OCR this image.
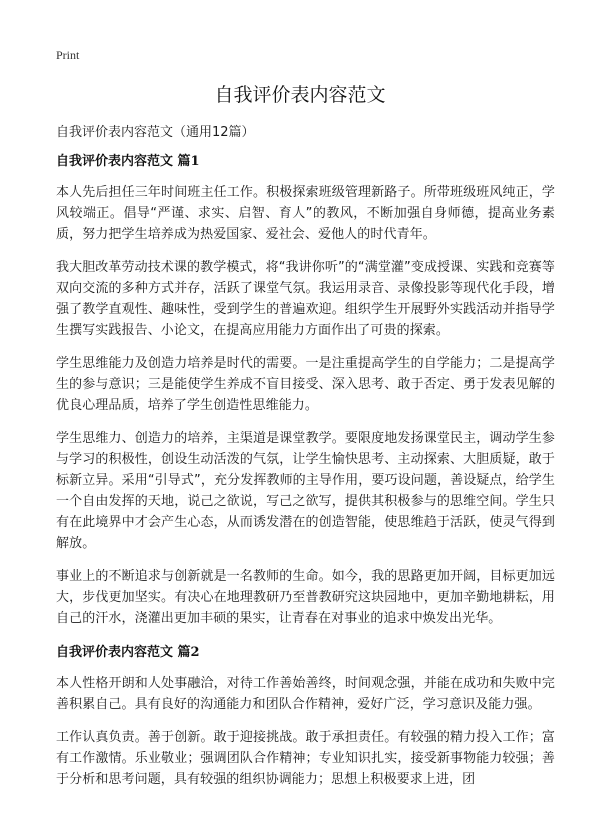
Print
自我评价表内容范文

自我评价表内容范文（通用12篇）

自我评价表内容范文 篇1

本人先后担任三年时间班主任工作。积极探索班级管理新路子。所带班级班风纯正，学风较端正。倡导“严谨、求实、启智、育人”的教风，不断加强自身师德，提高业务素质，努力把学生培养成为热爱国家、爱社会、爱他人的时代青年。

我大胆改革劳动技术课的教学模式，将“我讲你听”的“满堂灌”变成授课、实践和竞赛等双向交流的多种方式并存，活跃了课堂气氛。我运用录音、录像投影等现代化手段，增强了教学直观性、趣味性，受到学生的普遍欢迎。组织学生开展野外实践活动并指导学生撰写实践报告、小论文，在提高应用能力方面作出了可贵的探索。

学生思维能力及创造力培养是时代的需要。一是注重提高学生的自学能力；二是提高学生的参与意识；三是能使学生养成不盲目接受、深入思考、敢于否定、勇于发表见解的优良心理品质，培养了学生创造性思维能力。

学生思维力、创造力的培养，主渠道是课堂教学。要限度地发扬课堂民主，调动学生参与学习的积极性，创设生动活泼的气氛，让学生愉快思考、主动探索、大胆质疑，敢于标新立异。采用“引导式”，充分发挥教师的主导作用，要巧设问题，善设疑点，给学生一个自由发挥的天地，说己之欲说，写己之欲写，提供其积极参与的思维空间。学生只有在此境界中才会产生心态，从而诱发潜在的创造智能，使思维趋于活跃，使灵气得到解放。

事业上的不断追求与创新就是一名教师的生命。如今，我的思路更加开阔，目标更加远大，步伐更加坚实。有决心在地理教研乃至普教研究这块园地中，更加辛勤地耕耘，用自己的汗水，浇灌出更加丰硕的果实，让青春在对事业的追求中焕发出光华。

自我评价表内容范文 篇2

本人性格开朗和人处事融洽，对待工作善始善终，时间观念强，并能在成功和失败中完善积累自己。具有良好的沟通能力和团队合作精神，爱好广泛，学习意识及能力强。

工作认真负责。善于创新。敢于迎接挑战。敢于承担责任。有较强的精力投入工作；富有工作激情。乐业敬业；强调团队合作精神；专业知识扎实，接受新事物能力较强；善于分析和思考问题，具有较强的组织协调能力；思想上积极要求上进，团
